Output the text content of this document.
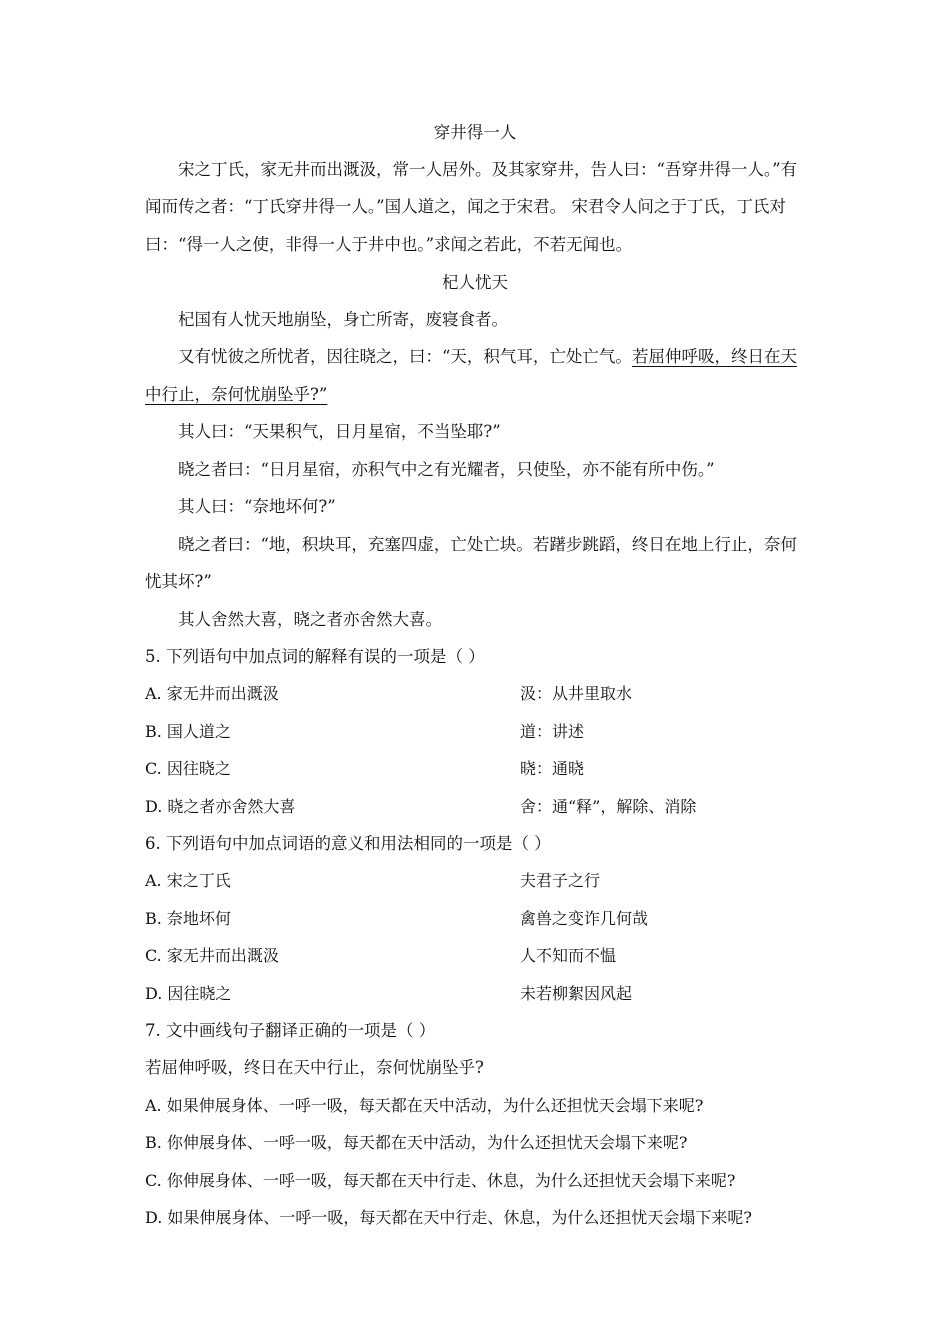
穿井得一人
宋之丁氏，家无井而出溉汲，常一人居外。及其家穿井，告人曰：“吾穿井得一人。”有
闻而传之者：“丁氏穿井得一人。”国人道之，闻之于宋君。 宋君令人问之于丁氏，丁氏对
曰：“得一人之使，非得一人于井中也。”求闻之若此，不若无闻也。
杞人忧天
杞国有人忧天地崩坠，身亡所寄，废寝食者。
又有忧彼之所忧者，因往晓之，曰：“天，积气耳，亡处亡气。若屈伸呼吸，终日在天
中行止，奈何忧崩坠乎?”
其人曰：“天果积气，日月星宿，不当坠耶?”
晓之者曰：“日月星宿，亦积气中之有光耀者，只使坠，亦不能有所中伤。”
其人曰：“奈地坏何?”
晓之者曰：“地，积块耳，充塞四虚，亡处亡块。若躇步跳蹈，终日在地上行止，奈何
忧其坏?”
其人舍然大喜，晓之者亦舍然大喜。
5. 下列语句中加点词的解释有误的一项是（ ）
A. 家无井而出溉汲	汲：从井里取水
B. 国人道之	道：讲述
C. 因往晓之	晓：通晓
D. 晓之者亦舍然大喜	舍：通“释”，解除、消除
6. 下列语句中加点词语的意义和用法相同的一项是（ ）
A. 宋之丁氏	夫君子之行
B. 奈地坏何	禽兽之变诈几何哉
C. 家无井而出溉汲	人不知而不愠
D. 因往晓之	未若柳絮因风起
7. 文中画线句子翻译正确的一项是（ ）
若屈伸呼吸，终日在天中行止，奈何忧崩坠乎?
A. 如果伸展身体、一呼一吸，每天都在天中活动，为什么还担忧天会塌下来呢?
B. 你伸展身体、一呼一吸，每天都在天中活动，为什么还担忧天会塌下来呢?
C. 你伸展身体、一呼一吸，每天都在天中行走、休息，为什么还担忧天会塌下来呢?
D. 如果伸展身体、一呼一吸，每天都在天中行走、休息，为什么还担忧天会塌下来呢?
